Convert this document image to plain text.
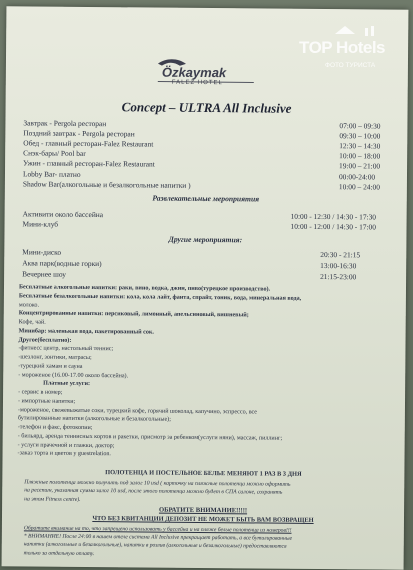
Özkaymak
FALEZ HOTEL
Concept – ULTRA All Inclusive
Завтрак - Pergola ресторан	07:00 – 09:30
Поздний завтрак - Pergola ресторан	09:30 – 10:00
Обед - главный ресторан-Falez Restaurant	12:30 – 14:30
Снэк-бары/ Pool bar	10:00 – 18:00
Ужин - главный ресторан-Falez Restaurant	19:00 – 21:00
Lobby Bar- платно	00:00-24:00
Shadow Bar(алкогольные и безалкогольные напитки )	10:00 – 24:00
Развлекательные мероприятия
Активити около бассейна	10:00 - 12:30 / 14:30 - 17:30
Мини-клуб	10:00 - 12:00 / 14:30 - 17:00
Другие мероприятия:
Мини-диско	20:30 - 21:15
Аква парк(водные горки)	13:00-16:30
Вечернее шоу	21:15-23:00
Бесплатные алкогольные напитки: раки, вино, водка, джин, пиво(турецкое производство).
Бесплатные безалкогольные напитки: кола, кола лайт, фанта, спрайт, тоник, вода, минеральная вода,
молоко.
Концентрированные напитки: персиковый, лимонный, апельсиновый, вишневый;
Кофе, чай.
Минибар: маленькая вода, пакетированный сок.
Другое(бесплатно):
-фитнесс центр, настольный теннис;
-шезлонг, зонтики, матрасы;
-турецкий хамам и сауна
- мороженое (16.00-17.00 около бассейна).
Платные услуги:
- сервис в номер;
- импортные напитки;
-мороженое, свежевыжатые соки, турецкий кофе, горячий шоколад, капучино, эспрессо, все
бутилированные напитки (алкогольные и безалкогольные);
-телефон и факс, фотокопии;
- бильярд, аренда теннисных кортов и ракетки, присмотр за ребенком(услуги няни), массаж, пиллинг;
- услуги прачечной и глажки, доктор;
-заказ торта и цветов у guestrelation.
ПОЛОТЕНЦА И ПОСТЕЛЬНОЕ БЕЛЬЕ МЕНЯЮТ 1 РАЗ В 3 ДНЯ
Пляжные полотенца можно получить под залог 10 usd ( карточку на пляжные полотенца можно оформить
на ресепшн, указанная сумма залог 10 usd, после этого полотенца можно будет в СПА салоне, сохранять
на этом Fitness centre).
ОБРАТИТЕ ВНИМАНИЕ!!!!!
ЧТО БЕЗ КВИТАНЦИИ ДЕПОЗИТ НЕ МОЖЕТ БЫТЬ ВАМ ВОЗВРАЩЕН
Обратите внимание на то, что запрещено использовать у бассейна и на пляже белые полотенца из номеров!!!
* ВНИМАНИЕ! После 24:00 в нашем отеле система All Inclusive прекращает работать, а все бутилированные
напитки (алкогольные и безалкогольные), напитки в розлив (алкогольные и безалкогольные) предоставляются
только за отдельную оплату.
TOP Hotels
ФОТО ТУРИСТА
